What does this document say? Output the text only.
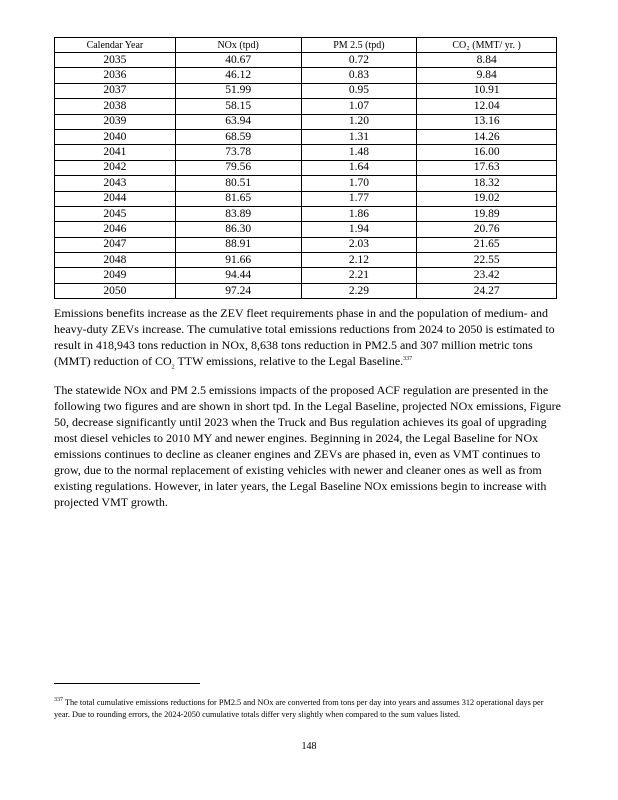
Calendar Year	NOx (tpd)	PM 2.5 (tpd)	CO₂ (MMT/ yr. )
2035	40.67	0.72	8.84
2036	46.12	0.83	9.84
2037	51.99	0.95	10.91
2038	58.15	1.07	12.04
2039	63.94	1.20	13.16
2040	68.59	1.31	14.26
2041	73.78	1.48	16.00
2042	79.56	1.64	17.63
2043	80.51	1.70	18.32
2044	81.65	1.77	19.02
2045	83.89	1.86	19.89
2046	86.30	1.94	20.76
2047	88.91	2.03	21.65
2048	91.66	2.12	22.55
2049	94.44	2.21	23.42
2050	97.24	2.29	24.27

Emissions benefits increase as the ZEV fleet requirements phase in and the population of medium- and heavy-duty ZEVs increase. The cumulative total emissions reductions from 2024 to 2050 is estimated to result in 418,943 tons reduction in NOx, 8,638 tons reduction in PM2.5 and 307 million metric tons (MMT) reduction of $CO_2$ TTW emissions, relative to the Legal Baseline.$^{337}$

The statewide NOx and PM 2.5 emissions impacts of the proposed ACF regulation are presented in the following two figures and are shown in short tpd. In the Legal Baseline, projected NOx emissions, Figure 50, decrease significantly until 2023 when the Truck and Bus regulation achieves its goal of upgrading most diesel vehicles to 2010 MY and newer engines. Beginning in 2024, the Legal Baseline for NOx emissions continues to decline as cleaner engines and ZEVs are phased in, even as VMT continues to grow, due to the normal replacement of existing vehicles with newer and cleaner ones as well as from existing regulations. However, in later years, the Legal Baseline NOx emissions begin to increase with projected VMT growth.

$^{337}$ The total cumulative emissions reductions for PM2.5 and NOx are converted from tons per day into years and assumes 312 operational days per year. Due to rounding errors, the 2024-2050 cumulative totals differ very slightly when compared to the sum values listed.

148
